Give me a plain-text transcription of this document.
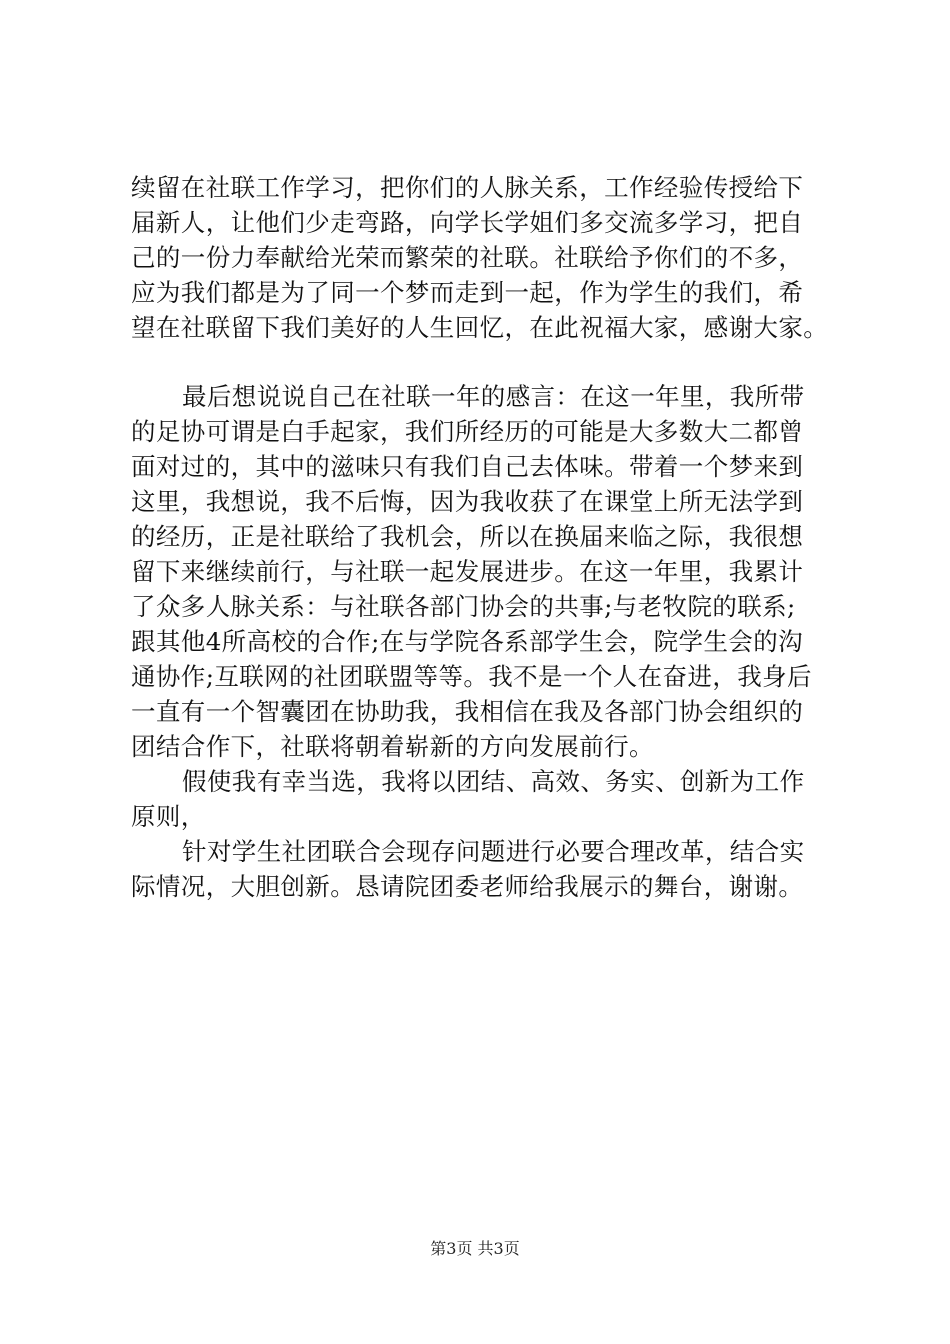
续留在社联工作学习，把你们的人脉关系，工作经验传授给下
届新人，让他们少走弯路，向学长学姐们多交流多学习，把自
己的一份力奉献给光荣而繁荣的社联。社联给予你们的不多，
应为我们都是为了同一个梦而走到一起，作为学生的我们，希
望在社联留下我们美好的人生回忆，在此祝福大家，感谢大家。
最后想说说自己在社联一年的感言：在这一年里，我所带
的足协可谓是白手起家，我们所经历的可能是大多数大二都曾
面对过的，其中的滋味只有我们自己去体味。带着一个梦来到
这里，我想说，我不后悔，因为我收获了在课堂上所无法学到
的经历，正是社联给了我机会，所以在换届来临之际，我很想
留下来继续前行，与社联一起发展进步。在这一年里，我累计
了众多人脉关系：与社联各部门协会的共事;与老牧院的联系;
跟其他4所高校的合作;在与学院各系部学生会，院学生会的沟
通协作;互联网的社团联盟等等。我不是一个人在奋进，我身后
一直有一个智囊团在协助我，我相信在我及各部门协会组织的
团结合作下，社联将朝着崭新的方向发展前行。
假使我有幸当选，我将以团结、高效、务实、创新为工作
原则，
针对学生社团联合会现存问题进行必要合理改革，结合实
际情况，大胆创新。恳请院团委老师给我展示的舞台，谢谢。
第3页 共3页
